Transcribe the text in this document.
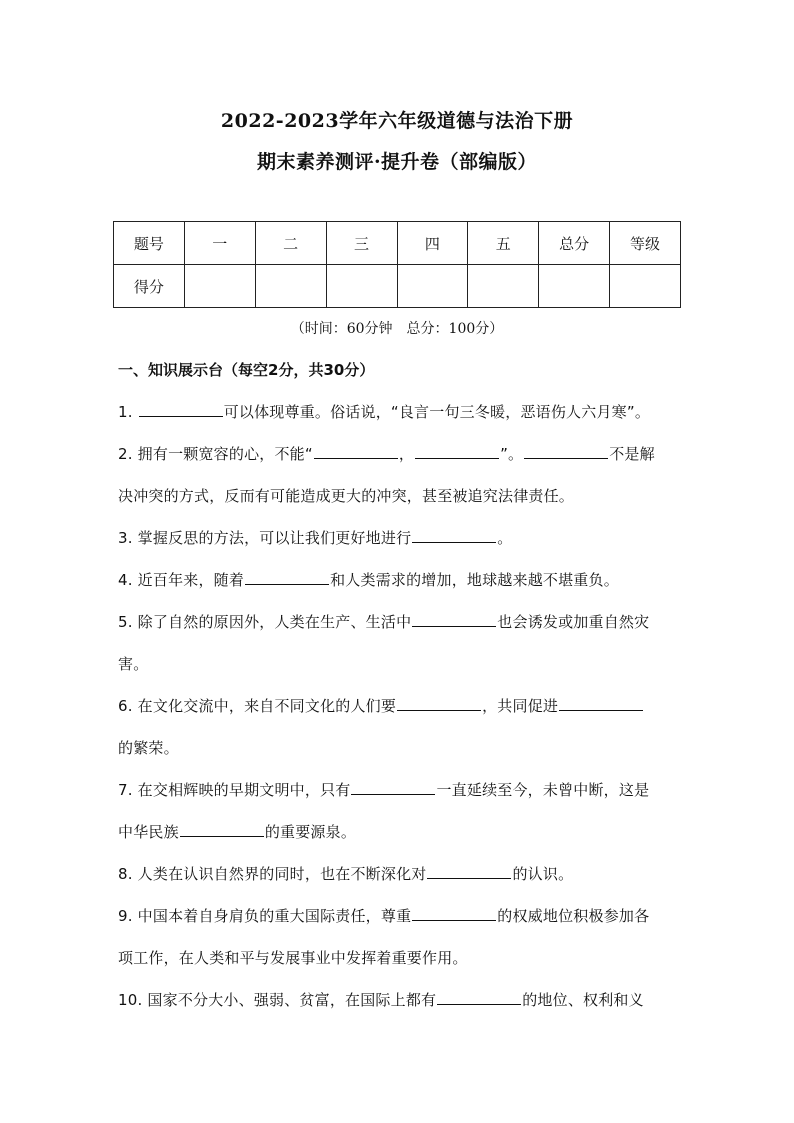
2022-2023学年六年级道德与法治下册
期末素养测评·提升卷（部编版）
题号	一	二	三	四	五	总分	等级
得分							
（时间：60分钟　总分：100分）
一、知识展示台（每空2分，共30分）
1.	可以体现尊重。俗话说，“良言一句三冬暖，恶语伤人六月寒”。
2. 拥有一颗宽容的心，不能“	，	”。	不是解
决冲突的方式，反而有可能造成更大的冲突，甚至被追究法律责任。
3. 掌握反思的方法，可以让我们更好地进行	。
4. 近百年来，随着	和人类需求的增加，地球越来越不堪重负。
5. 除了自然的原因外，人类在生产、生活中	也会诱发或加重自然灾
害。
6. 在文化交流中，来自不同文化的人们要	，共同促进
的繁荣。
7. 在交相辉映的早期文明中，只有	一直延续至今，未曾中断，这是
中华民族	的重要源泉。
8. 人类在认识自然界的同时，也在不断深化对	的认识。
9. 中国本着自身肩负的重大国际责任，尊重	的权威地位积极参加各
项工作，在人类和平与发展事业中发挥着重要作用。
10. 国家不分大小、强弱、贫富，在国际上都有	的地位、权利和义
